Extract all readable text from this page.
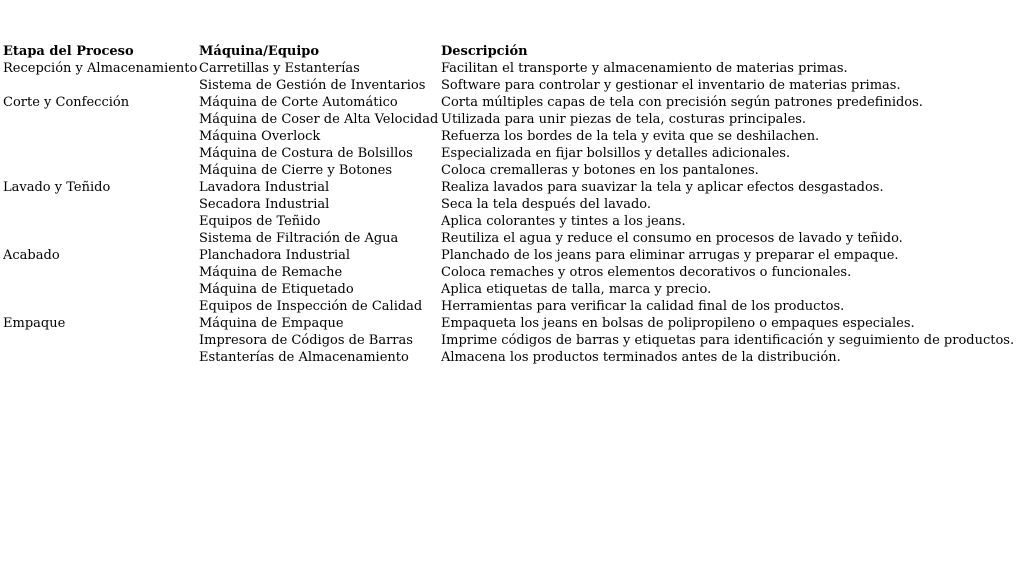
Etapa del Proceso	Máquina/Equipo	Descripción
Recepción y Almacenamiento	Carretillas y Estanterías	Facilitan el transporte y almacenamiento de materias primas.
	Sistema de Gestión de Inventarios	Software para controlar y gestionar el inventario de materias primas.
Corte y Confección	Máquina de Corte Automático	Corta múltiples capas de tela con precisión según patrones predefinidos.
	Máquina de Coser de Alta Velocidad	Utilizada para unir piezas de tela, costuras principales.
	Máquina Overlock	Refuerza los bordes de la tela y evita que se deshilachen.
	Máquina de Costura de Bolsillos	Especializada en fijar bolsillos y detalles adicionales.
	Máquina de Cierre y Botones	Coloca cremalleras y botones en los pantalones.
Lavado y Teñido	Lavadora Industrial	Realiza lavados para suavizar la tela y aplicar efectos desgastados.
	Secadora Industrial	Seca la tela después del lavado.
	Equipos de Teñido	Aplica colorantes y tintes a los jeans.
	Sistema de Filtración de Agua	Reutiliza el agua y reduce el consumo en procesos de lavado y teñido.
Acabado	Planchadora Industrial	Planchado de los jeans para eliminar arrugas y preparar el empaque.
	Máquina de Remache	Coloca remaches y otros elementos decorativos o funcionales.
	Máquina de Etiquetado	Aplica etiquetas de talla, marca y precio.
	Equipos de Inspección de Calidad	Herramientas para verificar la calidad final de los productos.
Empaque	Máquina de Empaque	Empaqueta los jeans en bolsas de polipropileno o empaques especiales.
	Impresora de Códigos de Barras	Imprime códigos de barras y etiquetas para identificación y seguimiento de productos.
	Estanterías de Almacenamiento	Almacena los productos terminados antes de la distribución.
